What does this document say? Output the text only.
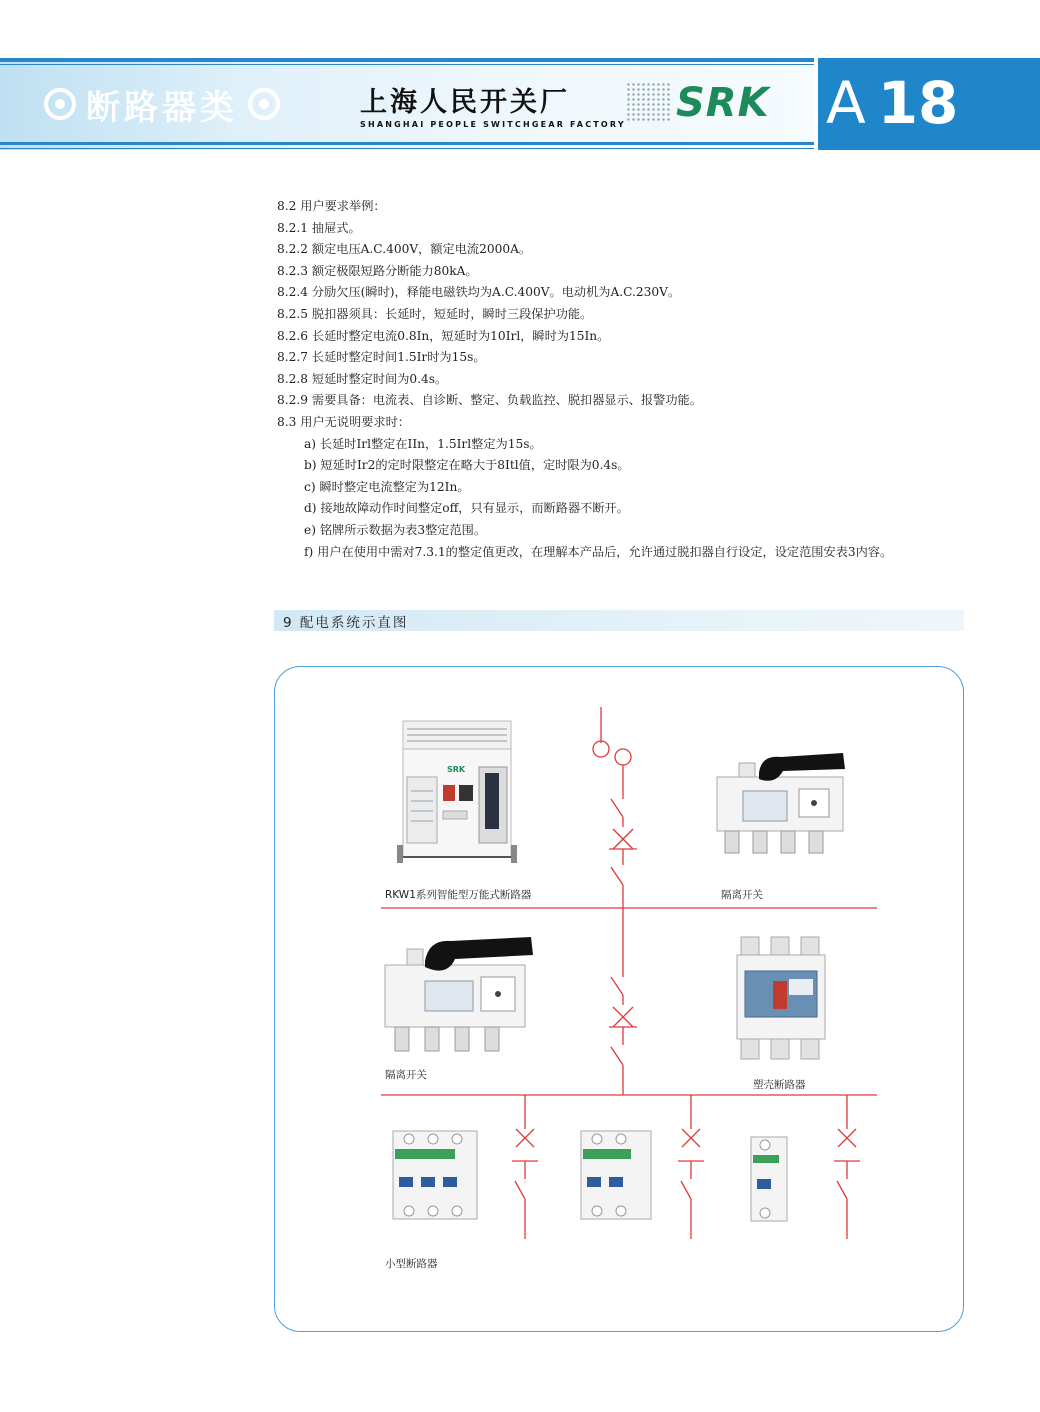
断路器类	上海人民开关厂
SHANGHAI PEOPLE SWITCHGEAR FACTORY SRK A 18
8.2 用户要求举例：
8.2.1 抽屉式。
8.2.2 额定电压A.C.400V，额定电流2000A。
8.2.3 额定极限短路分断能力80kA。
8.2.4 分励欠压(瞬时)，释能电磁铁均为A.C.400V。电动机为A.C.230V。
8.2.5 脱扣器须具：长延时，短延时，瞬时三段保护功能。
8.2.6 长延时整定电流0.8In，短延时为10Irl，瞬时为15In。
8.2.7 长延时整定时间1.5Ir时为15s。
8.2.8 短延时整定时间为0.4s。
8.2.9 需要具备：电流表、自诊断、整定、负载监控、脱扣器显示、报警功能。
8.3 用户无说明要求时：
a) 长延时Irl整定在IIn，1.5Irl整定为15s。
b) 短延时Ir2的定时限整定在略大于8Itl值，定时限为0.4s。
c) 瞬时整定电流整定为12In。
d) 接地故障动作时间整定off，只有显示，而断路器不断开。
e) 铭牌所示数据为表3整定范围。
f) 用户在使用中需对7.3.1的整定值更改，在理解本产品后，允许通过脱扣器自行设定，设定范围安表3内容。
9 配电系统示直图
SRK
RKW1系列智能型万能式断路器	隔离开关
隔离开关
塑壳断路器
小型断路器
